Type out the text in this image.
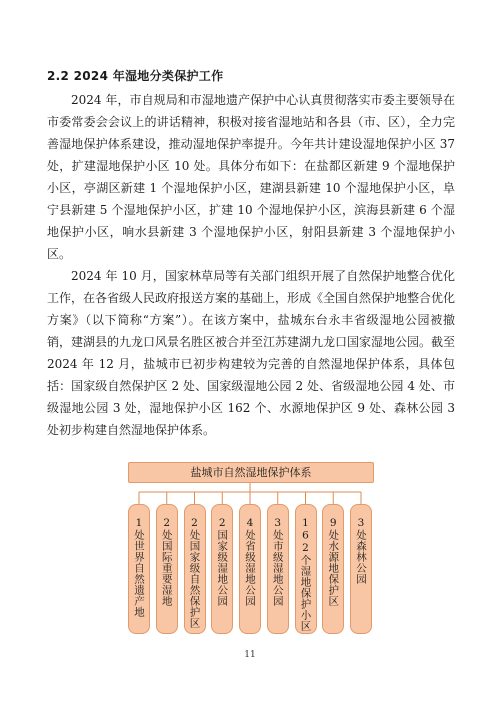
2.2 2024 年湿地分类保护工作

2024 年，市自规局和市湿地遗产保护中心认真贯彻落实市委主要领导在市委常委会会议上的讲话精神，积极对接省湿地站和各县（市、区），全力完善湿地保护体系建设，推动湿地保护率提升。今年共计建设湿地保护小区 37 处，扩建湿地保护小区 10 处。具体分布如下：在盐都区新建 9 个湿地保护小区，亭湖区新建 1 个湿地保护小区，建湖县新建 10 个湿地保护小区，阜宁县新建 5 个湿地保护小区，扩建 10 个湿地保护小区，滨海县新建 6 个湿地保护小区，响水县新建 3 个湿地保护小区，射阳县新建 3 个湿地保护小区。

2024 年 10 月，国家林草局等有关部门组织开展了自然保护地整合优化工作，在各省级人民政府报送方案的基础上，形成《全国自然保护地整合优化方案》（以下简称“方案”）。在该方案中，盐城东台永丰省级湿地公园被撤销，建湖县的九龙口风景名胜区被合并至江苏建湖九龙口国家湿地公园。截至 2024 年 12 月，盐城市已初步构建较为完善的自然湿地保护体系，具体包括：国家级自然保护区 2 处、国家级湿地公园 2 处、省级湿地公园 4 处、市级湿地公园 3 处，湿地保护小区 162 个、水源地保护区 9 处、森林公园 3 处初步构建自然湿地保护体系。

盐城市自然湿地保护体系
1处世界自然遗产地 2处国际重要湿地 2处国家级自然保护区 2国家级湿地公园 4处省级湿地公园 3处市级湿地公园 162个湿地保护小区 9处水源地保护区 3处森林公园
11
